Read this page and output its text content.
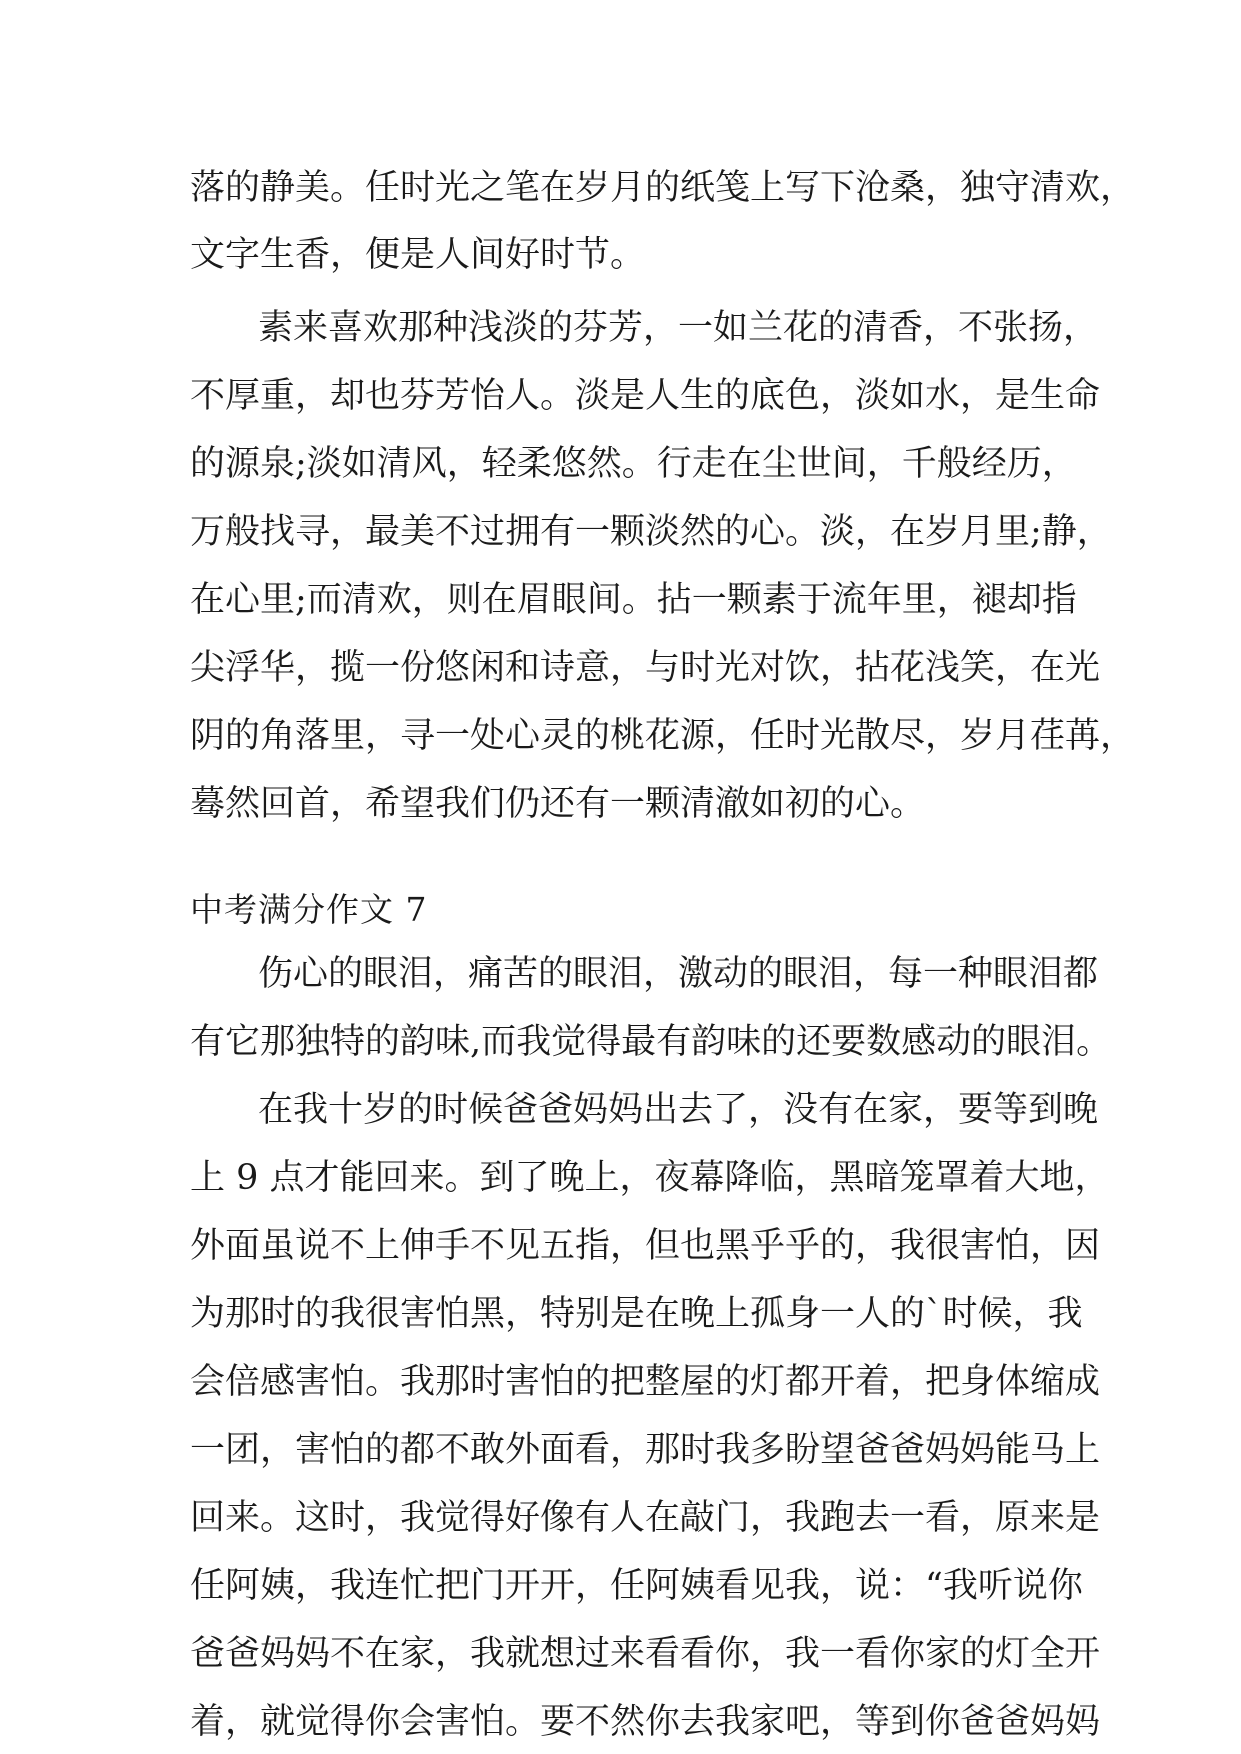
落的静美。任时光之笔在岁月的纸笺上写下沧桑，独守清欢，
文字生香，便是人间好时节。
素来喜欢那种浅淡的芬芳，一如兰花的清香，不张扬，
不厚重，却也芬芳怡人。淡是人生的底色，淡如水，是生命
的源泉;淡如清风，轻柔悠然。行走在尘世间，千般经历，
万般找寻，最美不过拥有一颗淡然的心。淡，在岁月里;静，
在心里;而清欢，则在眉眼间。拈一颗素于流年里，褪却指
尖浮华，揽一份悠闲和诗意，与时光对饮，拈花浅笑，在光
阴的角落里，寻一处心灵的桃花源，任时光散尽，岁月荏苒，
蓦然回首，希望我们仍还有一颗清澈如初的心。
中考满分作文 7
伤心的眼泪，痛苦的眼泪，激动的眼泪，每一种眼泪都
有它那独特的韵味,而我觉得最有韵味的还要数感动的眼泪。
在我十岁的时候爸爸妈妈出去了，没有在家，要等到晚
上 9 点才能回来。到了晚上，夜幕降临，黑暗笼罩着大地，
外面虽说不上伸手不见五指，但也黑乎乎的，我很害怕，因
为那时的我很害怕黑，特别是在晚上孤身一人的`时候，我
会倍感害怕。我那时害怕的把整屋的灯都开着，把身体缩成
一团，害怕的都不敢外面看，那时我多盼望爸爸妈妈能马上
回来。这时，我觉得好像有人在敲门，我跑去一看，原来是
任阿姨，我连忙把门开开，任阿姨看见我，说：“我听说你
爸爸妈妈不在家，我就想过来看看你，我一看你家的灯全开
着，就觉得你会害怕。要不然你去我家吧，等到你爸爸妈妈
